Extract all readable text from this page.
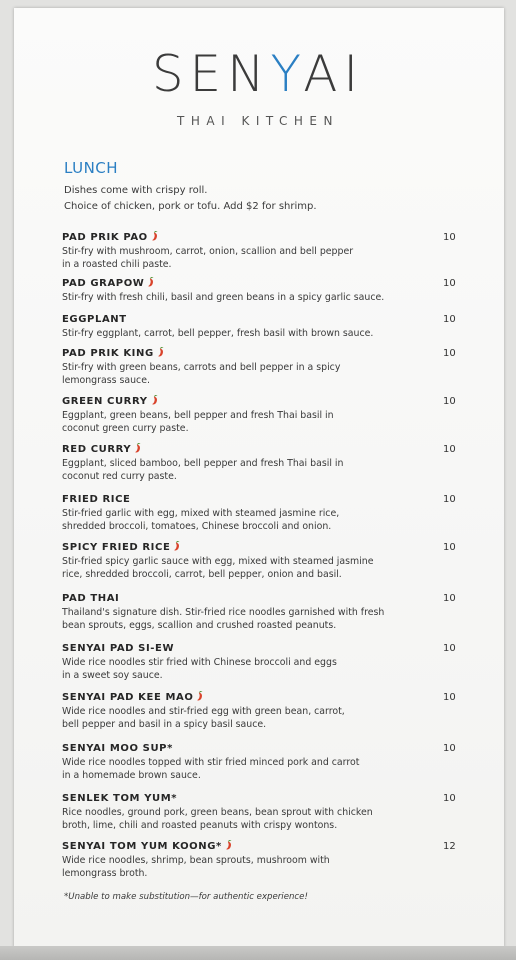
SENYAI
THAI KITCHEN
LUNCH
Dishes come with crispy roll.
Choice of chicken, pork or tofu. Add $2 for shrimp.
PAD PRIK PAO
Stir-fry with mushroom, carrot, onion, scallion and bell pepper
in a roasted chili paste.
10
PAD GRAPOW
Stir-fry with fresh chili, basil and green beans in a spicy garlic sauce.
10
EGGPLANT
Stir-fry eggplant, carrot, bell pepper, fresh basil with brown sauce.
10
PAD PRIK KING
Stir-fry with green beans, carrots and bell pepper in a spicy
lemongrass sauce.
10
GREEN CURRY
Eggplant, green beans, bell pepper and fresh Thai basil in
coconut green curry paste.
10
RED CURRY
Eggplant, sliced bamboo, bell pepper and fresh Thai basil in
coconut red curry paste.
10
FRIED RICE
Stir-fried garlic with egg, mixed with steamed jasmine rice,
shredded broccoli, tomatoes, Chinese broccoli and onion.
10
SPICY FRIED RICE
Stir-fried spicy garlic sauce with egg, mixed with steamed jasmine
rice, shredded broccoli, carrot, bell pepper, onion and basil.
10
PAD THAI
Thailand's signature dish. Stir-fried rice noodles garnished with fresh
bean sprouts, eggs, scallion and crushed roasted peanuts.
10
SENYAI PAD SI-EW
Wide rice noodles stir fried with Chinese broccoli and eggs
in a sweet soy sauce.
10
SENYAI PAD KEE MAO
Wide rice noodles and stir-fried egg with green bean, carrot,
bell pepper and basil in a spicy basil sauce.
10
SENYAI MOO SUP*
Wide rice noodles topped with stir fried minced pork and carrot
in a homemade brown sauce.
10
SENLEK TOM YUM*
Rice noodles, ground pork, green beans, bean sprout with chicken
broth, lime, chili and roasted peanuts with crispy wontons.
10
SENYAI TOM YUM KOONG*
Wide rice noodles, shrimp, bean sprouts, mushroom with
lemongrass broth.
12
*Unable to make substitution—for authentic experience!
